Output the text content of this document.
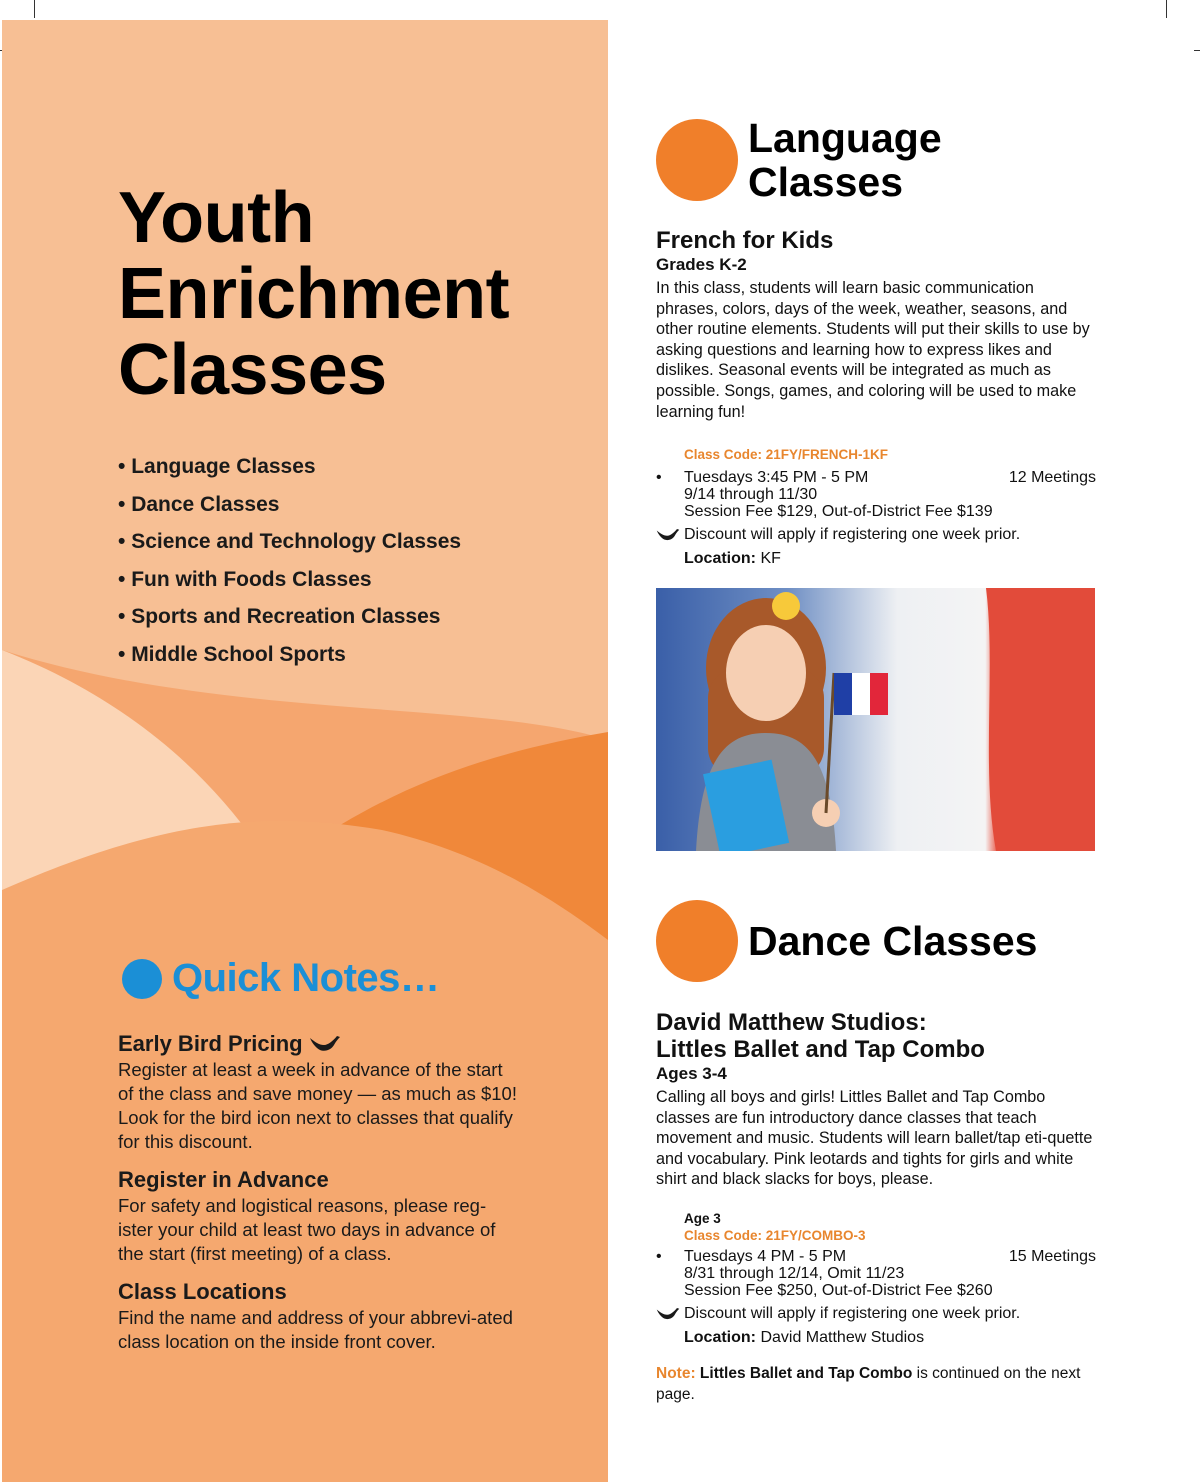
Youth
Enrichment
Classes
• Language Classes
• Dance Classes
• Science and Technology Classes
• Fun with Foods Classes
• Sports and Recreation Classes
• Middle School Sports
Quick Notes…
Early Bird Pricing

Register at least a week in advance of the start of the class and save money — as much as $10! Look for the bird icon next to classes that qualify for this discount.

Register in Advance

For safety and logistical reasons, please reg-ister your child at least two days in advance of the start (first meeting) of a class.

Class Locations

Find the name and address of your abbrevi-ated class location on the inside front cover.

Language
Classes
French for Kids
Grades K-2
In this class, students will learn basic communication phrases, colors, days of the week, weather, seasons, and other routine elements. Students will put their skills to use by asking questions and learning how to express likes and dislikes. Seasonal events will be integrated as much as possible. Songs, games, and coloring will be used to make learning fun!
Class Code: 21FY/FRENCH-1KF
• Tuesdays 3:45 PM - 5 PM	12 Meetings
9/14 through 11/30
Session Fee $129, Out-of-District Fee $139
Discount will apply if registering one week prior.
Location: KF
Dance Classes
David Matthew Studios:
Littles Ballet and Tap Combo
Ages 3-4
Calling all boys and girls! Littles Ballet and Tap Combo classes are fun introductory dance classes that teach movement and music. Students will learn ballet/tap eti-quette and vocabulary. Pink leotards and tights for girls and white shirt and black slacks for boys, please.
Age 3
Class Code: 21FY/COMBO-3
• Tuesdays 4 PM - 5 PM	15 Meetings
8/31 through 12/14, Omit 11/23
Session Fee $250, Out-of-District Fee $260
Discount will apply if registering one week prior.
Location: David Matthew Studios
Note: Littles Ballet and Tap Combo is continued on the next page.
